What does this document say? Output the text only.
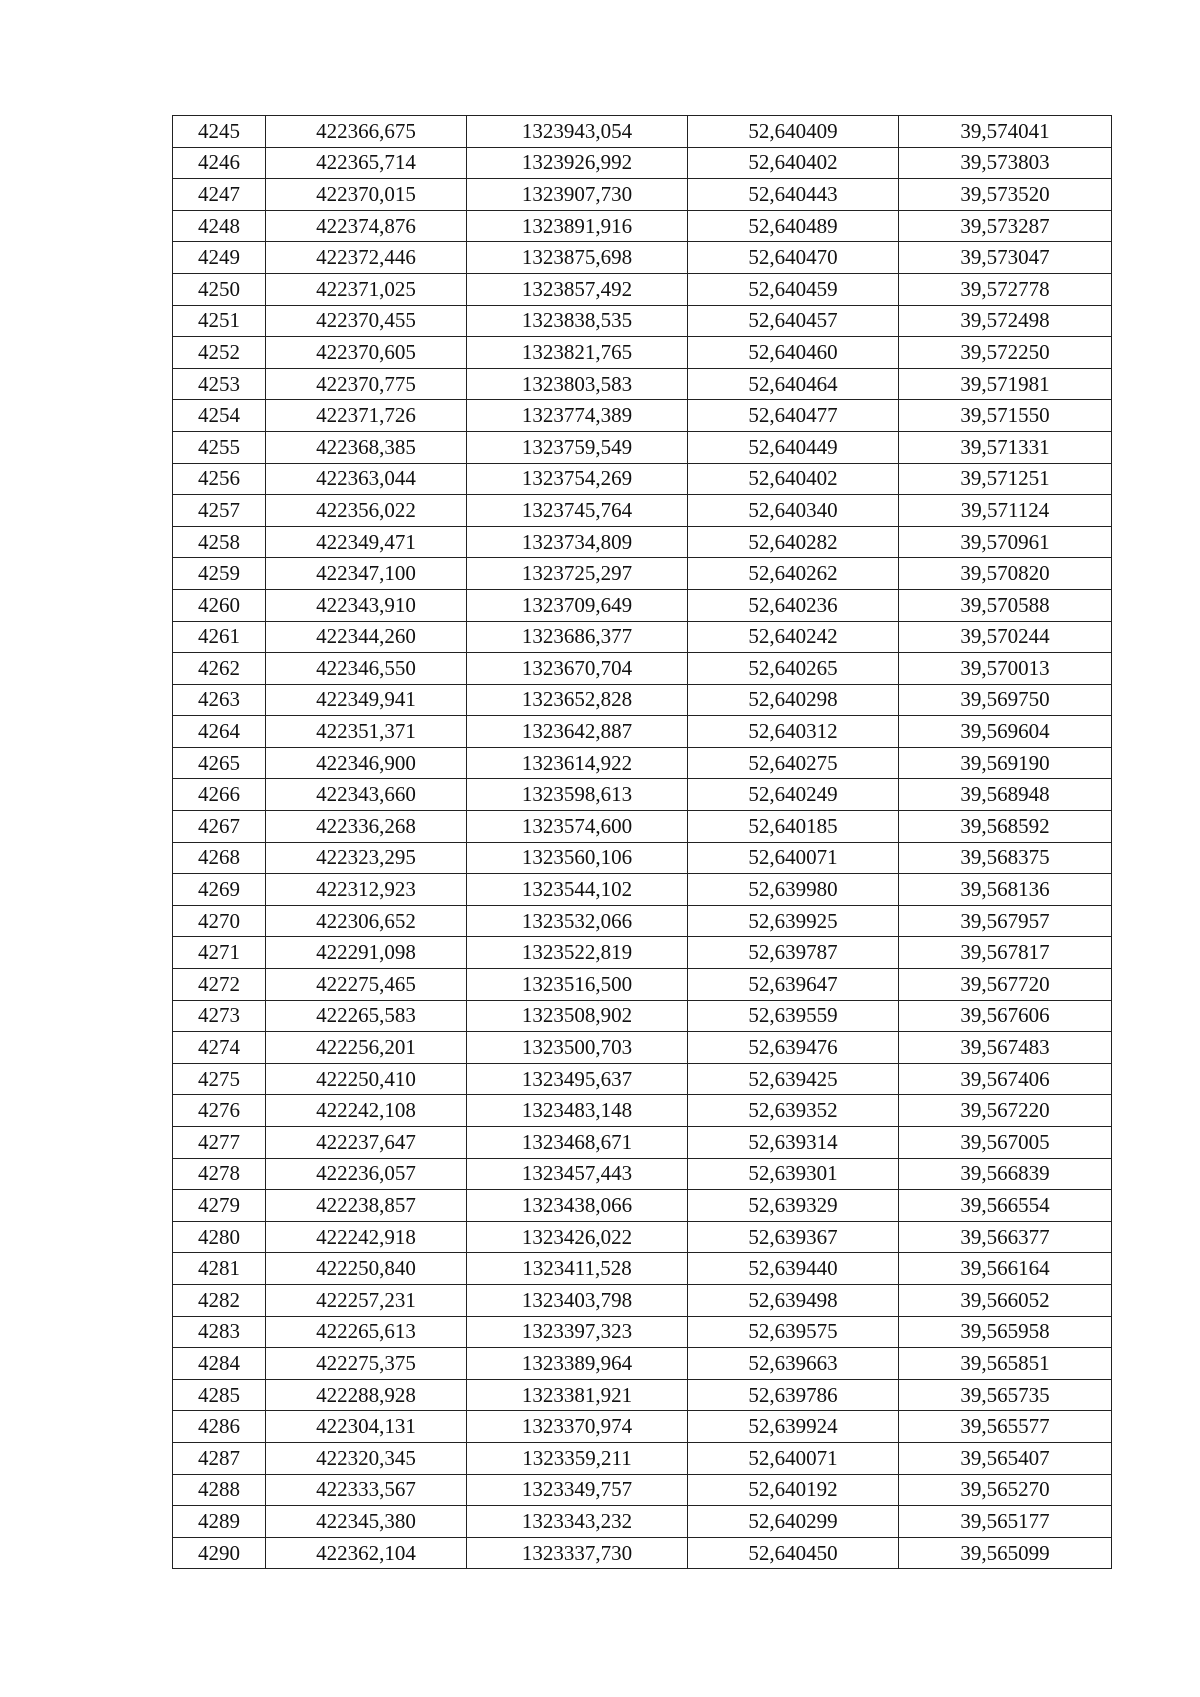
4245	422366,675	1323943,054	52,640409	39,574041
4246	422365,714	1323926,992	52,640402	39,573803
4247	422370,015	1323907,730	52,640443	39,573520
4248	422374,876	1323891,916	52,640489	39,573287
4249	422372,446	1323875,698	52,640470	39,573047
4250	422371,025	1323857,492	52,640459	39,572778
4251	422370,455	1323838,535	52,640457	39,572498
4252	422370,605	1323821,765	52,640460	39,572250
4253	422370,775	1323803,583	52,640464	39,571981
4254	422371,726	1323774,389	52,640477	39,571550
4255	422368,385	1323759,549	52,640449	39,571331
4256	422363,044	1323754,269	52,640402	39,571251
4257	422356,022	1323745,764	52,640340	39,571124
4258	422349,471	1323734,809	52,640282	39,570961
4259	422347,100	1323725,297	52,640262	39,570820
4260	422343,910	1323709,649	52,640236	39,570588
4261	422344,260	1323686,377	52,640242	39,570244
4262	422346,550	1323670,704	52,640265	39,570013
4263	422349,941	1323652,828	52,640298	39,569750
4264	422351,371	1323642,887	52,640312	39,569604
4265	422346,900	1323614,922	52,640275	39,569190
4266	422343,660	1323598,613	52,640249	39,568948
4267	422336,268	1323574,600	52,640185	39,568592
4268	422323,295	1323560,106	52,640071	39,568375
4269	422312,923	1323544,102	52,639980	39,568136
4270	422306,652	1323532,066	52,639925	39,567957
4271	422291,098	1323522,819	52,639787	39,567817
4272	422275,465	1323516,500	52,639647	39,567720
4273	422265,583	1323508,902	52,639559	39,567606
4274	422256,201	1323500,703	52,639476	39,567483
4275	422250,410	1323495,637	52,639425	39,567406
4276	422242,108	1323483,148	52,639352	39,567220
4277	422237,647	1323468,671	52,639314	39,567005
4278	422236,057	1323457,443	52,639301	39,566839
4279	422238,857	1323438,066	52,639329	39,566554
4280	422242,918	1323426,022	52,639367	39,566377
4281	422250,840	1323411,528	52,639440	39,566164
4282	422257,231	1323403,798	52,639498	39,566052
4283	422265,613	1323397,323	52,639575	39,565958
4284	422275,375	1323389,964	52,639663	39,565851
4285	422288,928	1323381,921	52,639786	39,565735
4286	422304,131	1323370,974	52,639924	39,565577
4287	422320,345	1323359,211	52,640071	39,565407
4288	422333,567	1323349,757	52,640192	39,565270
4289	422345,380	1323343,232	52,640299	39,565177
4290	422362,104	1323337,730	52,640450	39,565099
